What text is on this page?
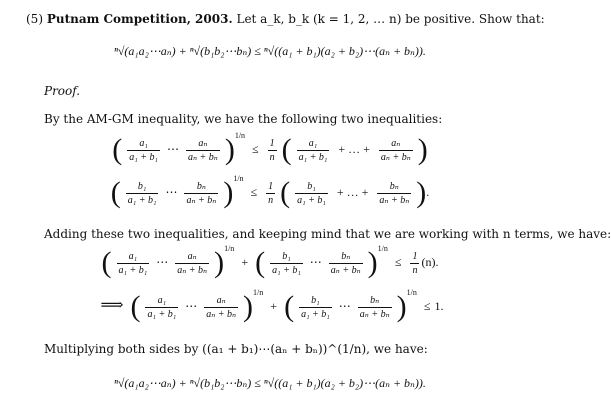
(5) Putnam Competition, 2003. Let a_k, b_k (k = 1, 2, … n) be positive. Show that:
ⁿ√(a₁a₂⋯aₙ) + ⁿ√(b₁b₂⋯bₙ) ≤ ⁿ√((a₁ + b₁)(a₂ + b₂)⋯(aₙ + bₙ)).
Proof.
By the AM-GM inequality, we have the following two inequalities:
( $\frac{\text{a₁}}{\text{a₁ + b₁}}$ ⋯ $\frac{\text{aₙ}}{\text{aₙ + bₙ}} )^{1/n} \le \frac{1}{n}$ ( $\frac{\text{a₁}}{\text{a₁ + b₁}}$ + … + $\frac{\text{aₙ}}{\text{aₙ + bₙ}}$ )
( $\frac{\text{b₁}}{\text{a₁ + b₁}}$ ⋯ $\frac{\text{bₙ}}{\text{aₙ + bₙ}} )^{1/n} \le \frac{1}{n}$ ( $\frac{\text{b₁}}{\text{a₁ + b₁}}$ + … + $\frac{\text{bₙ}}{\text{aₙ + bₙ}}$ ).
Adding these two inequalities, and keeping mind that we are working with n terms, we have:
( $\frac{\text{a₁}}{\text{a₁ + b₁}}$ ⋯ $\frac{\text{aₙ}}{\text{aₙ + bₙ}} )^{1/n}$ + ( $\frac{\text{b₁}}{\text{a₁ + b₁}}$ ⋯ $\frac{\text{bₙ}}{\text{aₙ + bₙ}} )^{1/n} \le \frac{1}{n} (n)$.
⟹ ( $\frac{\text{a₁}}{\text{a₁ + b₁}}$ ⋯ $\frac{\text{aₙ}}{\text{aₙ + bₙ}} )^{1/n}$ + ( $\frac{\text{b₁}}{\text{a₁ + b₁}}$ ⋯ $\frac{\text{bₙ}}{\text{aₙ + bₙ}} )^{1/n} \le 1$.
Multiplying both sides by ((a₁ + b₁)⋯(aₙ + bₙ))^(1/n), we have:
ⁿ√(a₁a₂⋯aₙ) + ⁿ√(b₁b₂⋯bₙ) ≤ ⁿ√((a₁ + b₁)(a₂ + b₂)⋯(aₙ + bₙ)).
